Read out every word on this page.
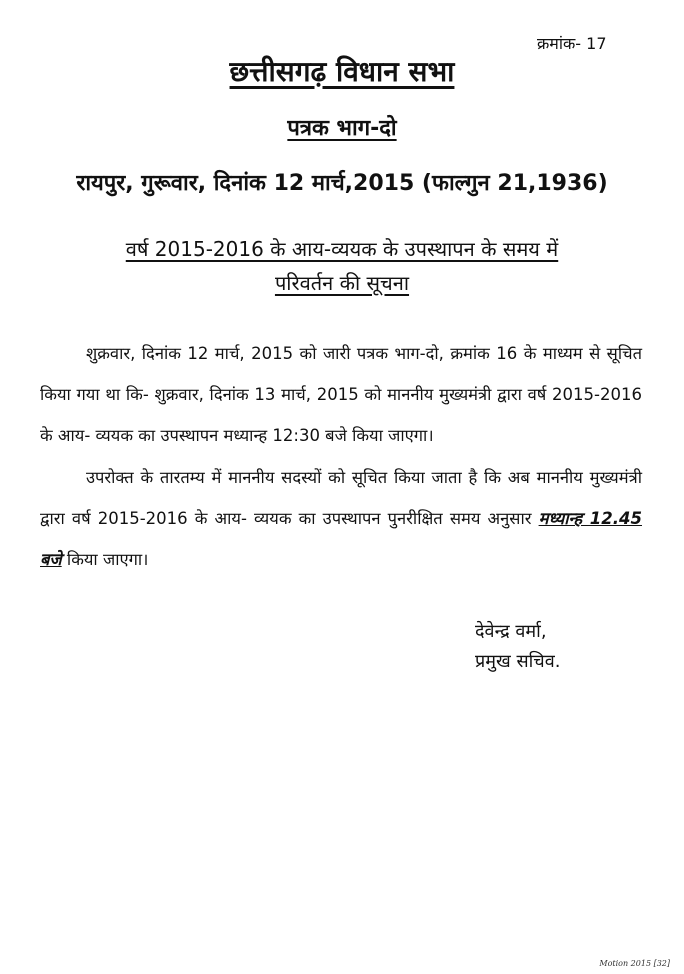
क्रमांक- 17
छत्तीसगढ़ विधान सभा
पत्रक भाग-दो
रायपुर, गुरूवार, दिनांक 12 मार्च,2015 (फाल्गुन 21,1936)
वर्ष 2015-2016 के आय-व्ययक के उपस्थापन के समय में
परिवर्तन की सूचना
शुक्रवार, दिनांक 12 मार्च, 2015 को जारी पत्रक भाग-दो, क्रमांक 16 के माध्यम से सूचित किया गया था कि- शुक्रवार, दिनांक 13 मार्च, 2015 को माननीय मुख्यमंत्री द्वारा वर्ष 2015-2016 के आय- व्ययक का उपस्थापन मध्यान्ह 12:30 बजे किया जाएगा।
उपरोक्त के तारतम्य में माननीय सदस्यों को सूचित किया जाता है कि अब माननीय मुख्यमंत्री द्वारा वर्ष 2015-2016 के आय- व्ययक का उपस्थापन पुनरीक्षित समय अनुसार मध्यान्ह 12.45 बजे किया जाएगा।
देवेन्द्र वर्मा,
प्रमुख सचिव.
Motion 2015 [32]
